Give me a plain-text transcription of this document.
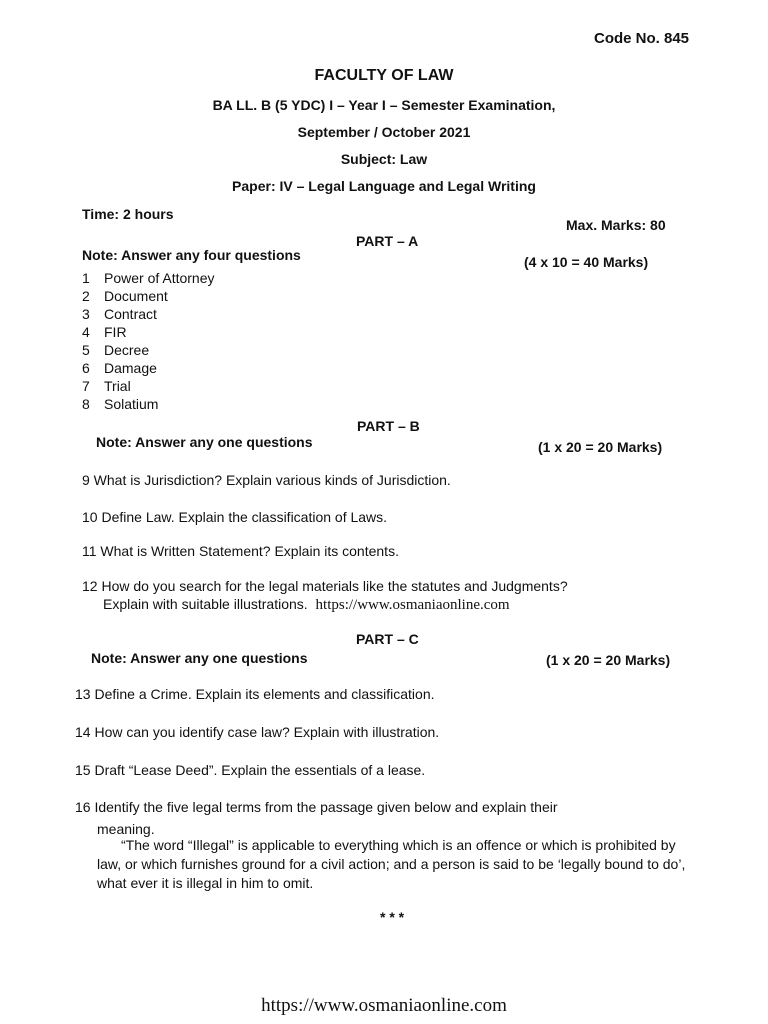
Code No. 845
FACULTY OF LAW
BA LL. B (5 YDC) I – Year I – Semester Examination,
September / October 2021
Subject: Law
Paper: IV – Legal Language and Legal Writing
Time: 2 hours
Max. Marks: 80
PART – A
Note: Answer any four questions	(4 x 10 = 40 Marks)
1 Power of Attorney
2 Document
3 Contract
4 FIR
5 Decree
6 Damage
7 Trial
8 Solatium
PART – B
Note: Answer any one questions	(1 x 20 = 20 Marks)
9 What is Jurisdiction? Explain various kinds of Jurisdiction.
10 Define Law. Explain the classification of Laws.
11 What is Written Statement? Explain its contents.
12 How do you search for the legal materials like the statutes and Judgments?
Explain with suitable illustrations. https://www.osmaniaonline.com
PART – C
Note: Answer any one questions	(1 x 20 = 20 Marks)
13 Define a Crime. Explain its elements and classification.
14 How can you identify case law? Explain with illustration.
15 Draft “Lease Deed”. Explain the essentials of a lease.
16 Identify the five legal terms from the passage given below and explain their
meaning.
“The word “Illegal” is applicable to everything which is an offence or which is prohibited by law, or which furnishes ground for a civil action; and a person is said to be ‘legally bound to do’, what ever it is illegal in him to omit.
* * *
https://www.osmaniaonline.com
